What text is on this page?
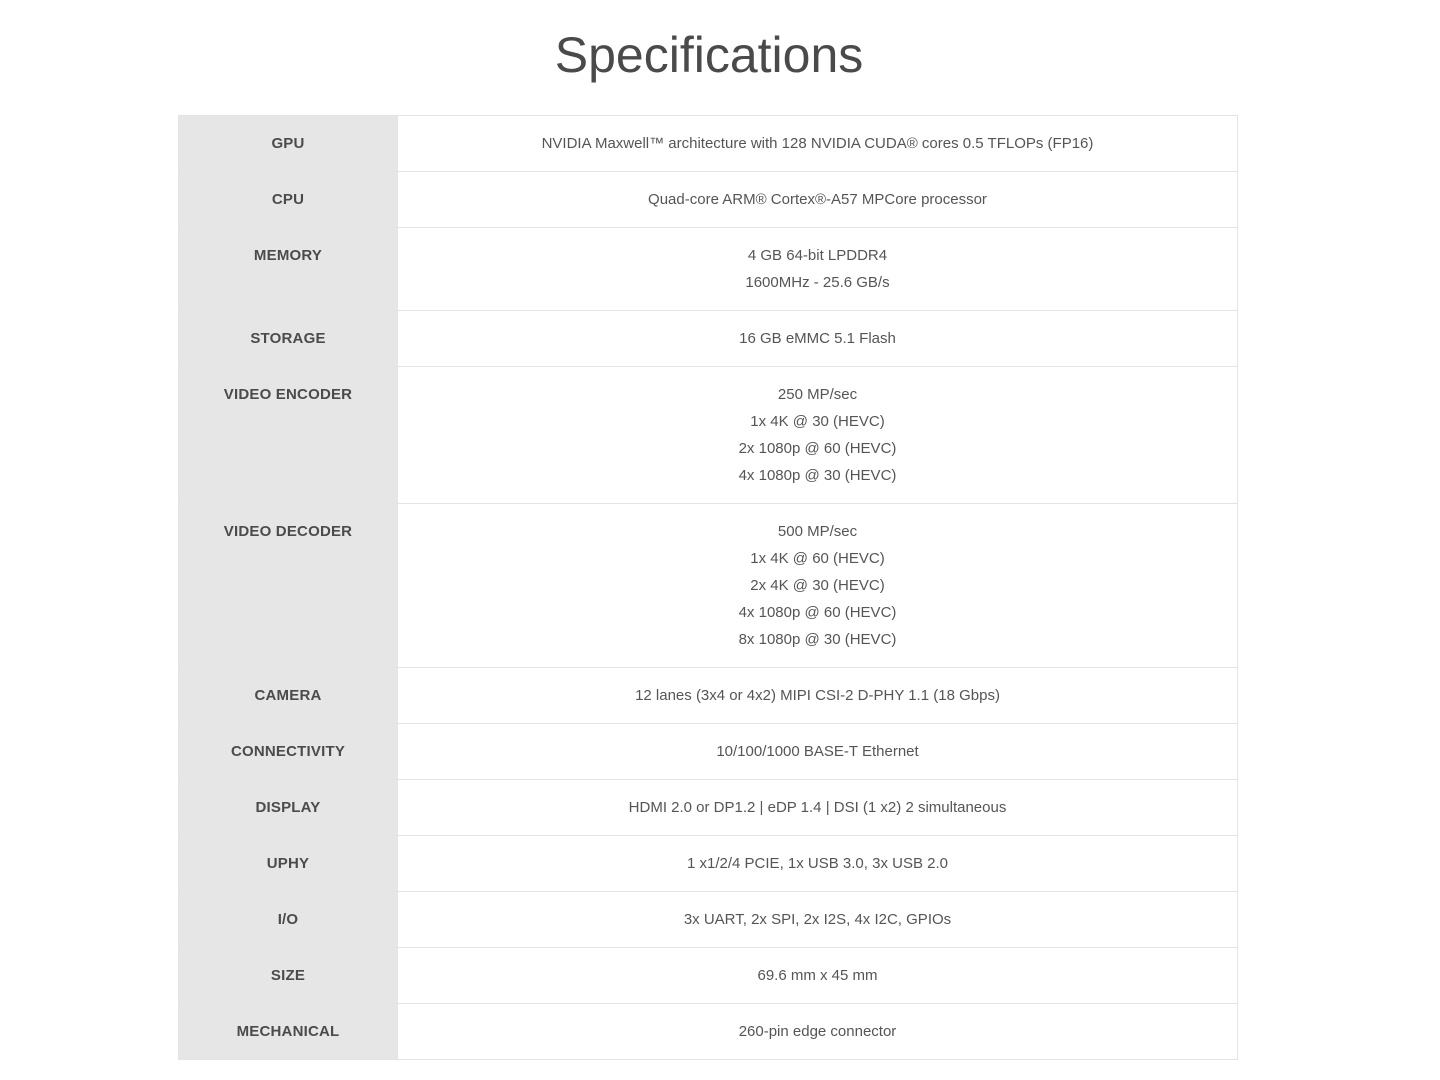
Specifications
GPU	NVIDIA Maxwell™ architecture with 128 NVIDIA CUDA® cores 0.5 TFLOPs (FP16)

CPU	Quad-core ARM® Cortex®-A57 MPCore processor

MEMORY	4 GB 64-bit LPDDR4
1600MHz - 25.6 GB/s

STORAGE	16 GB eMMC 5.1 Flash

VIDEO ENCODER	250 MP/sec
1x 4K @ 30 (HEVC)
2x 1080p @ 60 (HEVC)
4x 1080p @ 30 (HEVC)

VIDEO DECODER	500 MP/sec
1x 4K @ 60 (HEVC)
2x 4K @ 30 (HEVC)
4x 1080p @ 60 (HEVC)
8x 1080p @ 30 (HEVC)

CAMERA	12 lanes (3x4 or 4x2) MIPI CSI-2 D-PHY 1.1 (18 Gbps)

CONNECTIVITY	10/100/1000 BASE-T Ethernet

DISPLAY	HDMI 2.0 or DP1.2 | eDP 1.4 | DSI (1 x2) 2 simultaneous

UPHY	1 x1/2/4 PCIE, 1x USB 3.0, 3x USB 2.0

I/O	3x UART, 2x SPI, 2x I2S, 4x I2C, GPIOs

SIZE	69.6 mm x 45 mm

MECHANICAL	260-pin edge connector
